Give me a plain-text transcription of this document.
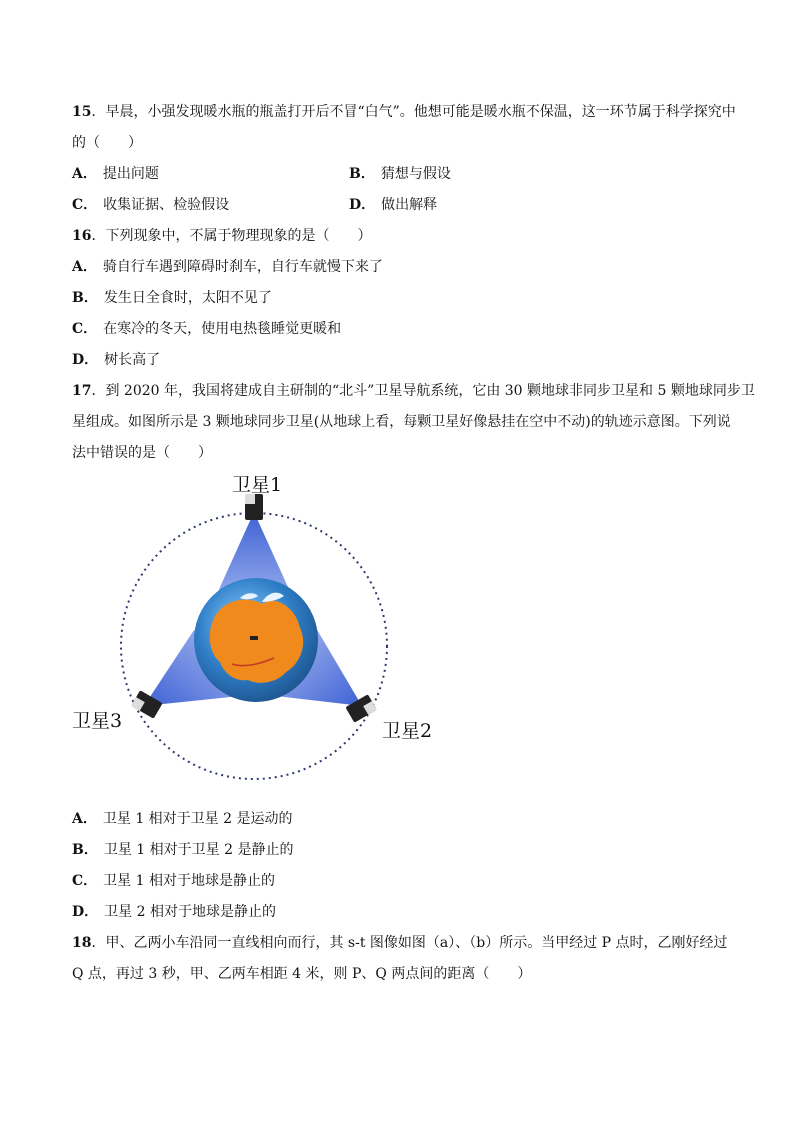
15．早晨，小强发现暖水瓶的瓶盖打开后不冒“白气”。他想可能是暖水瓶不保温，这一环节属于科学探究中
的（　　）
A． 提出问题	B． 猜想与假设
C． 收集证据、检验假设	D． 做出解释
16．下列现象中，不属于物理现象的是（　　）
A． 骑自行车遇到障碍时刹车，自行车就慢下来了
B． 发生日全食时，太阳不见了
C． 在寒冷的冬天，使用电热毯睡觉更暖和
D． 树长高了
17．到 2020 年，我国将建成自主研制的“北斗”卫星导航系统，它由 30 颗地球非同步卫星和 5 颗地球同步卫
星组成。如图所示是 3 颗地球同步卫星(从地球上看，每颗卫星好像悬挂在空中不动)的轨迹示意图。下列说
法中错误的是（　　）
卫星1
卫星2
卫星3
A． 卫星 1 相对于卫星 2 是运动的
B． 卫星 1 相对于卫星 2 是静止的
C． 卫星 1 相对于地球是静止的
D． 卫星 2 相对于地球是静止的
18．甲、乙两小车沿同一直线相向而行，其 s-t 图像如图（a）、（b）所示。当甲经过 P 点时，乙刚好经过
Q 点，再过 3 秒，甲、乙两车相距 4 米，则 P、Q 两点间的距离（　　）
